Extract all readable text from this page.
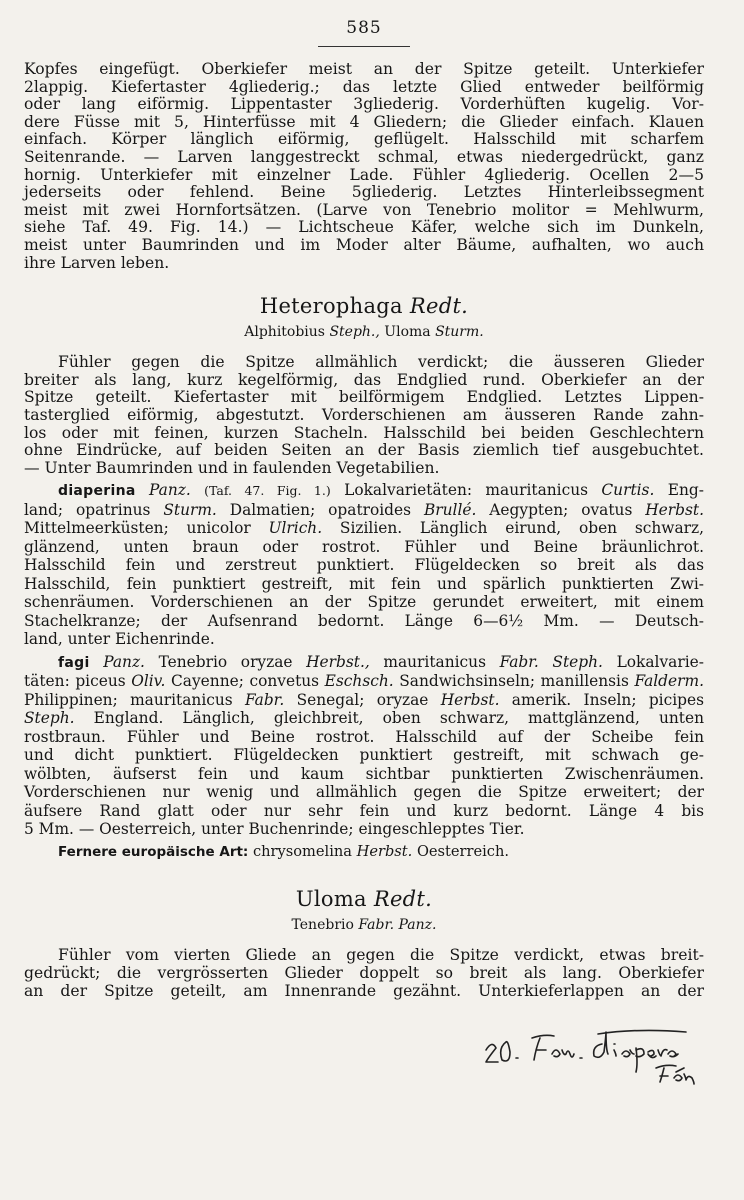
585

Kopfes eingefügt. Oberkiefer meist an der Spitze geteilt. Unterkiefer

2lappig. Kiefertaster 4gliederig.; das letzte Glied entweder beilförmig

oder lang eiförmig. Lippentaster 3gliederig. Vorderhüften kugelig. Vor-

dere Füsse mit 5, Hinterfüsse mit 4 Gliedern; die Glieder einfach. Klauen

einfach. Körper länglich eiförmig, geflügelt. Halsschild mit scharfem

Seitenrande. — Larven langgestreckt schmal, etwas niedergedrückt, ganz

hornig. Unterkiefer mit einzelner Lade. Fühler 4gliederig. Ocellen 2—5

jederseits oder fehlend. Beine 5gliederig. Letztes Hinterleibssegment

meist mit zwei Hornfortsätzen. (Larve von Tenebrio molitor = Mehlwurm,

siehe Taf. 49. Fig. 14.) — Lichtscheue Käfer, welche sich im Dunkeln,

meist unter Baumrinden und im Moder alter Bäume, aufhalten, wo auch

ihre Larven leben.

Heterophaga Redt.
Alphitobius Steph., Uloma Sturm.

Fühler gegen die Spitze allmählich verdickt; die äusseren Glieder

breiter als lang, kurz kegelförmig, das Endglied rund. Oberkiefer an der

Spitze geteilt. Kiefertaster mit beilförmigem Endglied. Letztes Lippen-

tasterglied eiförmig, abgestutzt. Vorderschienen am äusseren Rande zahn-

los oder mit feinen, kurzen Stacheln. Halsschild bei beiden Geschlechtern

ohne Eindrücke, auf beiden Seiten an der Basis ziemlich tief ausgebuchtet.

— Unter Baumrinden und in faulenden Vegetabilien.

diaperina Panz. (Taf. 47. Fig. 1.) Lokalvarietäten: mauritanicus Curtis. Eng-

land; opatrinus Sturm. Dalmatien; opatroides Brullé. Aegypten; ovatus Herbst.

Mittelmeerküsten; unicolor Ulrich. Sizilien. Länglich eirund, oben schwarz,

glänzend, unten braun oder rostrot. Fühler und Beine bräunlichrot.

Halsschild fein und zerstreut punktiert. Flügeldecken so breit als das

Halsschild, fein punktiert gestreift, mit fein und spärlich punktierten Zwi-

schenräumen. Vorderschienen an der Spitze gerundet erweitert, mit einem

Stachelkranze; der Aufsenrand bedornt. Länge 6—6½ Mm. — Deutsch-

land, unter Eichenrinde.

fagi Panz. Tenebrio oryzae Herbst., mauritanicus Fabr. Steph. Lokalvarie-

täten: piceus Oliv. Cayenne; convetus Eschsch. Sandwichsinseln; manillensis Falderm.

Philippinen; mauritanicus Fabr. Senegal; oryzae Herbst. amerik. Inseln; picipes

Steph. England. Länglich, gleichbreit, oben schwarz, mattglänzend, unten

rostbraun. Fühler und Beine rostrot. Halsschild auf der Scheibe fein

und dicht punktiert. Flügeldecken punktiert gestreift, mit schwach ge-

wölbten, äufserst fein und kaum sichtbar punktierten Zwischenräumen.

Vorderschienen nur wenig und allmählich gegen die Spitze erweitert; der

äufsere Rand glatt oder nur sehr fein und kurz bedornt. Länge 4 bis

5 Mm. — Oesterreich, unter Buchenrinde; eingeschlepptes Tier.

Fernere europäische Art: chrysomelina Herbst. Oesterreich.

Uloma Redt.
Tenebrio Fabr. Panz.

Fühler vom vierten Gliede an gegen die Spitze verdickt, etwas breit-

gedrückt; die vergrösserten Glieder doppelt so breit als lang. Oberkiefer

an der Spitze geteilt, am Innenrande gezähnt. Unterkieferlappen an der
